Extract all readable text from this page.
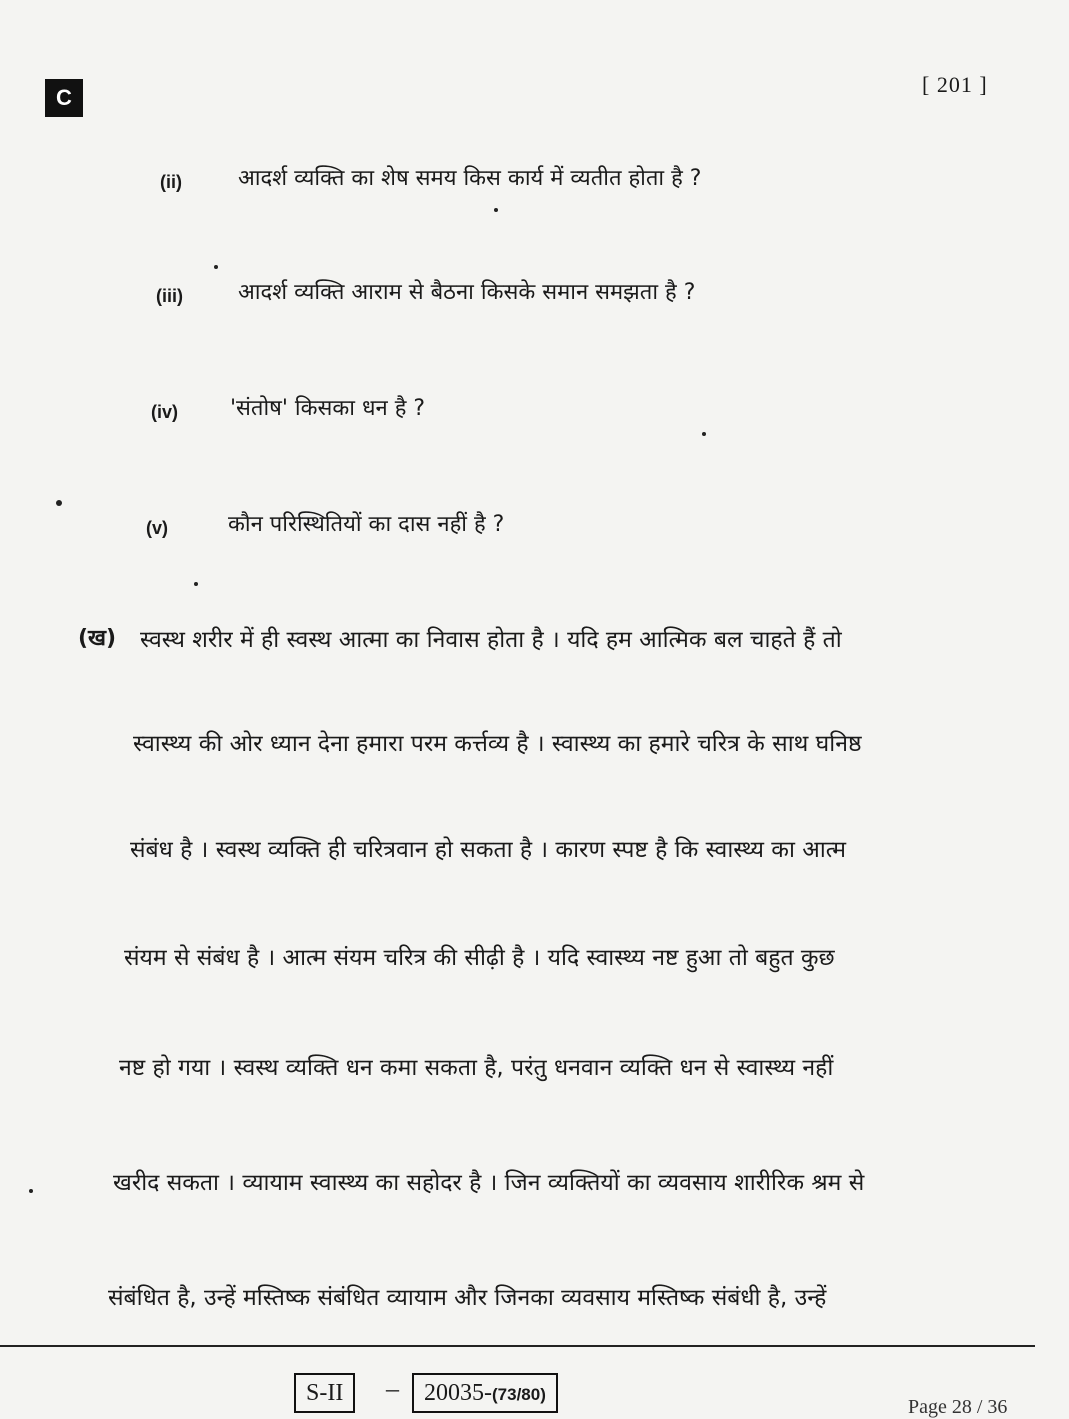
C
[ 201 ]
(ii)	आदर्श व्यक्ति का शेष समय किस कार्य में व्यतीत होता है ?
(iii)	आदर्श व्यक्ति आराम से बैठना किसके समान समझता है ?
(iv) 'संतोष' किसका धन है ?
(v)	कौन परिस्थितियों का दास नहीं है ?
(ख) स्वस्थ शरीर में ही स्वस्थ आत्मा का निवास होता है । यदि हम आत्मिक बल चाहते हैं तो
स्वास्थ्य की ओर ध्यान देना हमारा परम कर्त्तव्य है । स्वास्थ्य का हमारे चरित्र के साथ घनिष्ठ
संबंध है । स्वस्थ व्यक्ति ही चरित्रवान हो सकता है । कारण स्पष्ट है कि स्वास्थ्य का आत्म
संयम से संबंध है । आत्म संयम चरित्र की सीढ़ी है । यदि स्वास्थ्य नष्ट हुआ तो बहुत कुछ
नष्ट हो गया । स्वस्थ व्यक्ति धन कमा सकता है, परंतु धनवान व्यक्ति धन से स्वास्थ्य नहीं
खरीद सकता । व्यायाम स्वास्थ्य का सहोदर है । जिन व्यक्तियों का व्यवसाय शारीरिक श्रम से
संबंधित है, उन्हें मस्तिष्क संबंधित व्यायाम और जिनका व्यवसाय मस्तिष्क संबंधी है, उन्हें
S-II	–	20035-(73/80)
Page 28 / 36
